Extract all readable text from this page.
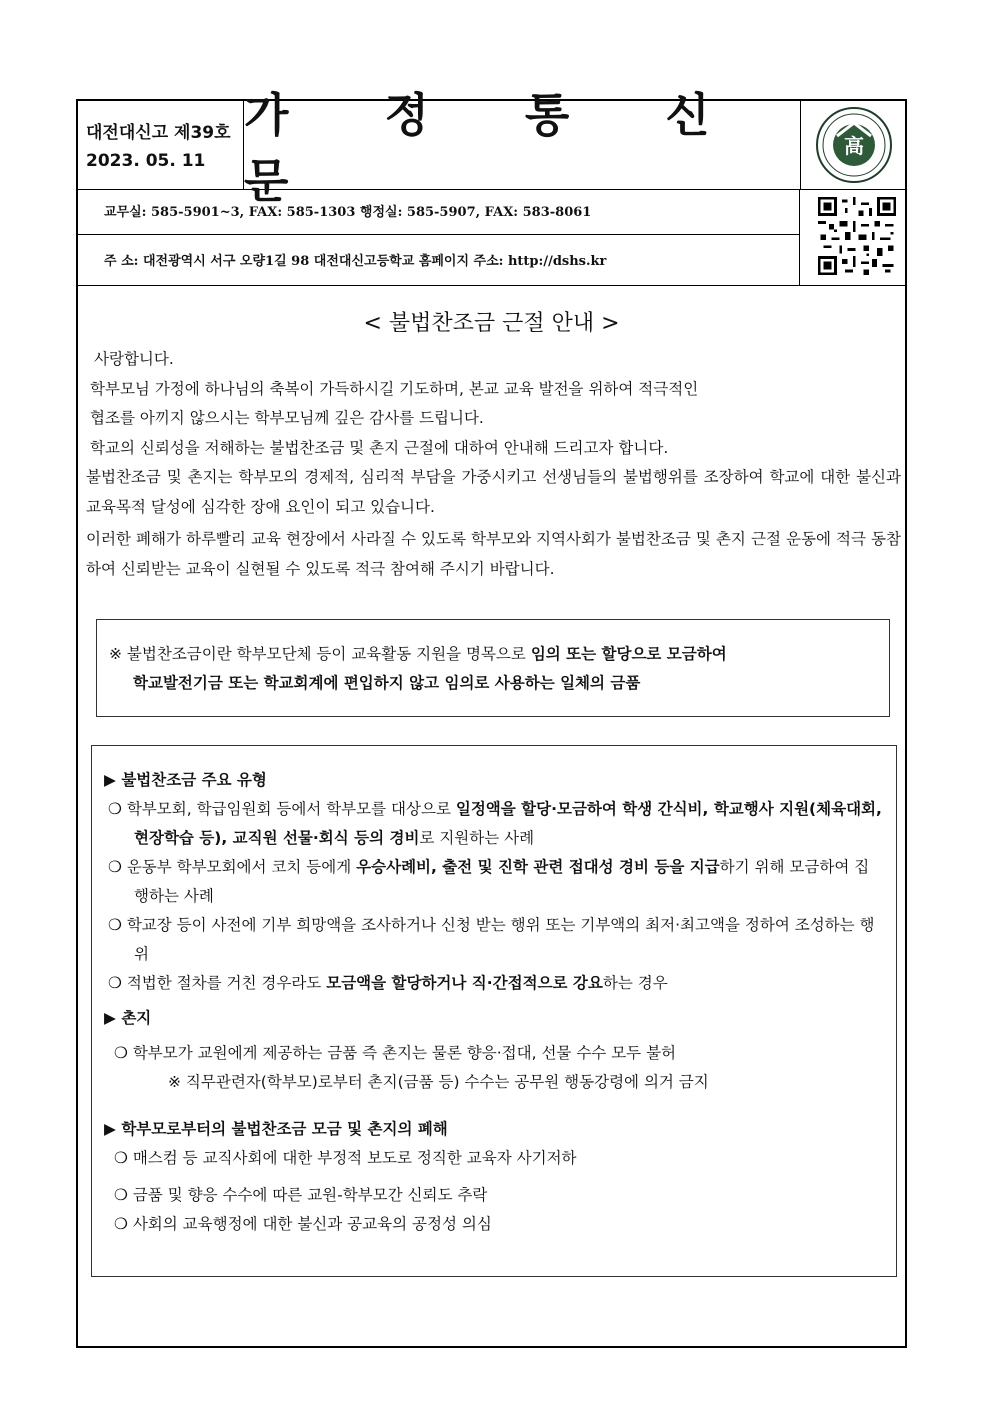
대전대신고 제39호
2023. 05. 11
가 정 통 신 문
高
교무실: 585-5901~3, FAX: 585-1303 행정실: 585-5907, FAX: 583-8061
주 소: 대전광역시 서구 오량1길 98 대전대신고등학교 홈페이지 주소: http://dshs.kr
< 불법찬조금 근절 안내 >

사랑합니다.

학부모님 가정에 하나님의 축복이 가득하시길 기도하며, 본교 교육 발전을 위하여 적극적인

협조를 아끼지 않으시는 학부모님께 깊은 감사를 드립니다.

학교의 신뢰성을 저해하는 불법찬조금 및 촌지 근절에 대하여 안내해 드리고자 합니다.

불법찬조금 및 촌지는 학부모의 경제적, 심리적 부담을 가중시키고 선생님들의 불법행위를 조장하여 학교에 대한 불신과 교육목적 달성에 심각한 장애 요인이 되고 있습니다.

이러한 폐해가 하루빨리 교육 현장에서 사라질 수 있도록 학부모와 지역사회가 불법찬조금 및 촌지 근절 운동에 적극 동참하여 신뢰받는 교육이 실현될 수 있도록 적극 참여해 주시기 바랍니다.

※ 불법찬조금이란 학부모단체 등이 교육활동 지원을 명목으로 임의 또는 할당으로 모금하여
학교발전기금 또는 학교회계에 편입하지 않고 임의로 사용하는 일체의 금품
▶ 불법찬조금 주요 유형
❍ 학부모회, 학급임원회 등에서 학부모를 대상으로 일정액을 할당·모금하여 학생 간식비, 학교행사 지원(체육대회, 현장학습 등), 교직원 선물·회식 등의 경비로 지원하는 사례
❍ 운동부 학부모회에서 코치 등에게 우승사례비, 출전 및 진학 관련 접대성 경비 등을 지급하기 위해 모금하여 집행하는 사례
❍ 학교장 등이 사전에 기부 희망액을 조사하거나 신청 받는 행위 또는 기부액의 최저·최고액을 정하여 조성하는 행위
❍ 적법한 절차를 거친 경우라도 모금액을 할당하거나 직·간접적으로 강요하는 경우
▶ 촌지
❍ 학부모가 교원에게 제공하는 금품 즉 촌지는 물론 향응·접대, 선물 수수 모두 불허
※ 직무관련자(학부모)로부터 촌지(금품 등) 수수는 공무원 행동강령에 의거 금지
▶ 학부모로부터의 불법찬조금 모금 및 촌지의 폐해
❍ 매스컴 등 교직사회에 대한 부정적 보도로 정직한 교육자 사기저하
❍ 금품 및 향응 수수에 따른 교원-학부모간 신뢰도 추락
❍ 사회의 교육행정에 대한 불신과 공교육의 공정성 의심
